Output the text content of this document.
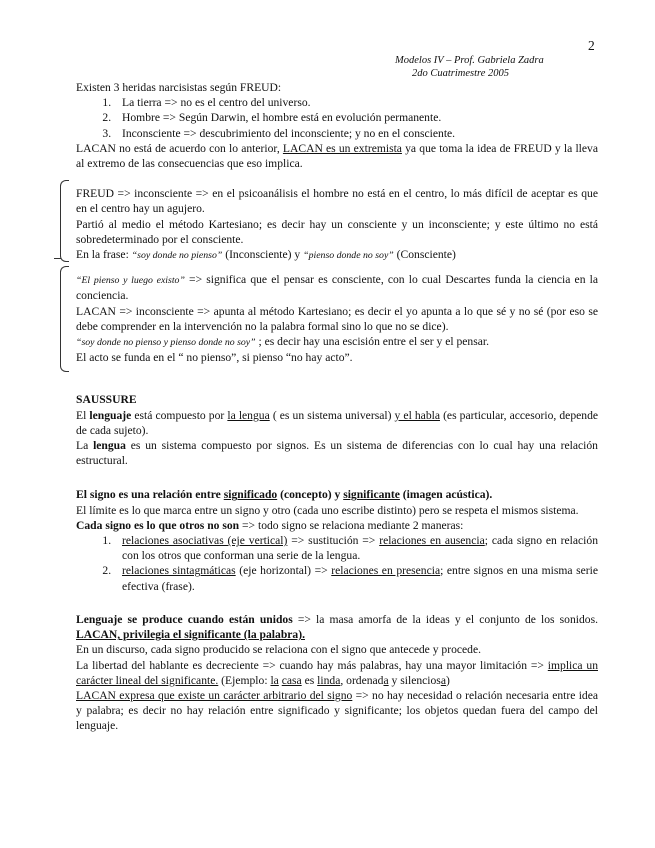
2
Modelos IV – Prof. Gabriela Zadra
2do Cuatrimestre 2005

Existen 3 heridas narcisistas según FREUD:

1. La tierra => no es el centro del universo.
2. Hombre => Según Darwin, el hombre está en evolución permanente.
3. Inconsciente => descubrimiento del inconsciente; y no en el consciente.

LACAN no está de acuerdo con lo anterior, LACAN es un extremista ya que toma la idea de FREUD y la lleva al extremo de las consecuencias que eso implica.

FREUD => inconsciente => en el psicoanálisis el hombre no está en el centro, lo más difícil de aceptar es que en el centro hay un agujero.

Partió al medio el método Kartesiano; es decir hay un consciente y un inconsciente; y este último no está sobredeterminado por el consciente.

En la frase: “soy donde no pienso” (Inconsciente) y “pienso donde no soy” (Consciente)

“El pienso y luego existo” => significa que el pensar es consciente, con lo cual Descartes funda la ciencia en la conciencia.

LACAN => inconsciente => apunta al método Kartesiano; es decir el yo apunta a lo que sé y no sé (por eso se debe comprender en la intervención no la palabra formal sino lo que no se dice).

“soy donde no pienso y pienso donde no soy” ; es decir hay una escisión entre el ser y el pensar.

El acto se funda en el “ no pienso”, si pienso “no hay acto”.

SAUSSURE

El lenguaje está compuesto por la lengua ( es un sistema universal) y el habla (es particular, accesorio, depende de cada sujeto).

La lengua es un sistema compuesto por signos. Es un sistema de diferencias con lo cual hay una relación estructural.

El signo es una relación entre significado (concepto) y significante (imagen acústica).

El límite es lo que marca entre un signo y otro (cada uno escribe distinto) pero se respeta el mismos sistema.

Cada signo es lo que otros no son => todo signo se relaciona mediante 2 maneras:

1. relaciones asociativas (eje vertical) => sustitución => relaciones en ausencia; cada signo en relación con los otros que conforman una serie de la lengua.
2. relaciones sintagmáticas (eje horizontal) => relaciones en presencia; entre signos en una misma serie efectiva (frase).

Lenguaje se produce cuando están unidos => la masa amorfa de la ideas y el conjunto de los sonidos. LACAN, privilegia el significante (la palabra).

En un discurso, cada signo producido se relaciona con el signo que antecede y procede.

La libertad del hablante es decreciente => cuando hay más palabras, hay una mayor limitación => implica un carácter lineal del significante. (Ejemplo: la casa es linda, ordenada y silenciosa)

LACAN expresa que existe un carácter arbitrario del signo => no hay necesidad o relación necesaria entre idea y palabra; es decir no hay relación entre significado y significante; los objetos quedan fuera del campo del lenguaje.
